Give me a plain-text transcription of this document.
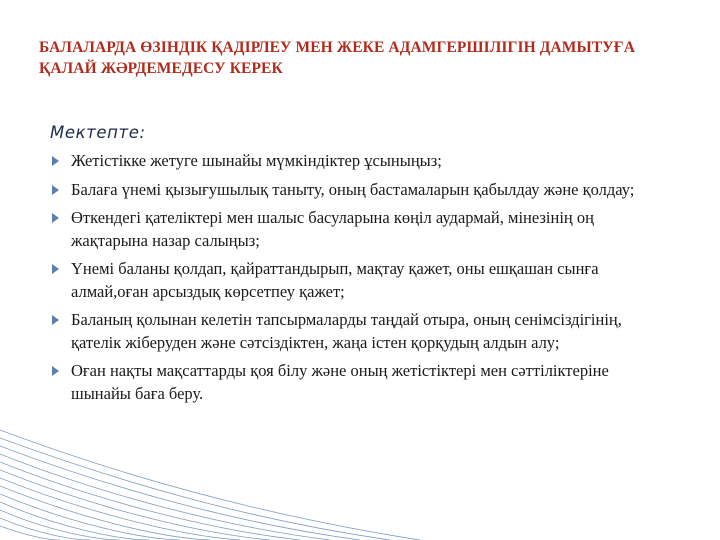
БАЛАЛАРДА ӨЗІНДІК ҚАДІРЛЕУ МЕН ЖЕКЕ АДАМГЕРШІЛІГІН ДАМЫТУҒА ҚАЛАЙ ЖӘРДЕМЕДЕСУ КЕРЕК
Мектепте:
Жетістікке жетуге шынайы мүмкіндіктер ұсыныңыз;
Балаға үнемі қызығушылық таныту, оның бастамаларын қабылдау және қолдау;
Өткендегі қателіктері мен шалыс басуларына көңіл аудармай, мінезінің оң жақтарына назар салыңыз;
Үнемі баланы қолдап, қайраттандырып, мақтау қажет, оны ешқашан сынға алмай,оған арсыздық көрсетпеу қажет;
Баланың қолынан келетін тапсырмаларды таңдай отыра, оның сенімсіздігінің, қателік жіберуден және сәтсіздіктен, жаңа істен қорқудың алдын алу;
Оған нақты мақсаттарды қоя білу және оның жетістіктері мен сәттіліктеріне шынайы баға беру.
